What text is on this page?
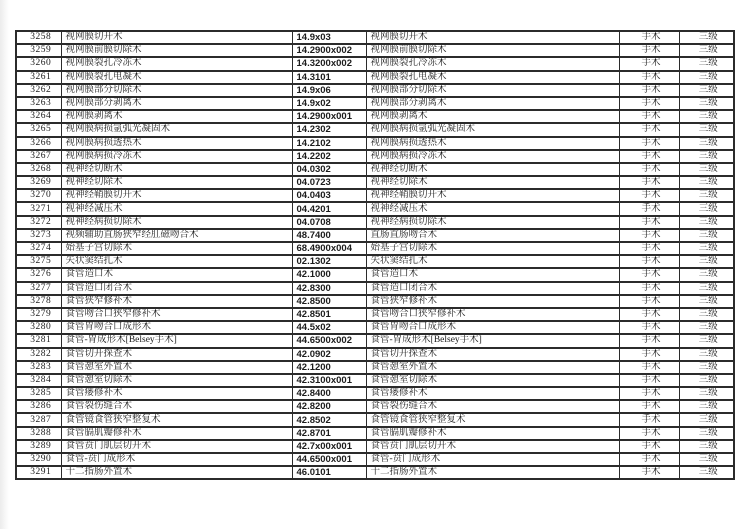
3258	视网膜切开术	14.9x03	视网膜切开术	手术	三级
3259	视网膜前膜切除术	14.2900x002	视网膜前膜切除术	手术	三级
3260	视网膜裂孔冷冻术	14.3200x002	视网膜裂孔冷冻术	手术	三级
3261	视网膜裂孔电凝术	14.3101	视网膜裂孔电凝术	手术	三级
3262	视网膜部分切除术	14.9x06	视网膜部分切除术	手术	三级
3263	视网膜部分剥离术	14.9x02	视网膜部分剥离术	手术	三级
3264	视网膜剥离术	14.2900x001	视网膜剥离术	手术	三级
3265	视网膜病损氩弧光凝固术	14.2302	视网膜病损氩弧光凝固术	手术	三级
3266	视网膜病损透热术	14.2102	视网膜病损透热术	手术	三级
3267	视网膜病损冷冻术	14.2202	视网膜病损冷冻术	手术	三级
3268	视神经切断术	04.0302	视神经切断术	手术	三级
3269	视神经切除术	04.0723	视神经切除术	手术	三级
3270	视神经鞘膜切开术	04.0403	视神经鞘膜切开术	手术	三级
3271	视神经减压术	04.4201	视神经减压术	手术	三级
3272	视神经病损切除术	04.0708	视神经病损切除术	手术	三级
3273	视频辅助直肠狭窄经肛磁吻合术	48.7400	直肠直肠吻合术	手术	三级
3274	始基子宫切除术	68.4900x004	始基子宫切除术	手术	三级
3275	矢状窦结扎术	02.1302	矢状窦结扎术	手术	三级
3276	食管造口术	42.1000	食管造口术	手术	三级
3277	食管造口闭合术	42.8300	食管造口闭合术	手术	三级
3278	食管狭窄修补术	42.8500	食管狭窄修补术	手术	三级
3279	食管吻合口狭窄修补术	42.8501	食管吻合口狭窄修补术	手术	三级
3280	食管胃吻合口成形术	44.5x02	食管胃吻合口成形术	手术	三级
3281	食管-胃成形术[Belsey手术]	44.6500x002	食管-胃成形术[Belsey手术]	手术	三级
3282	食管切开探查术	42.0902	食管切开探查术	手术	三级
3283	食管憩室外置术	42.1200	食管憩室外置术	手术	三级
3284	食管憩室切除术	42.3100x001	食管憩室切除术	手术	三级
3285	食管瘘修补术	42.8400	食管瘘修补术	手术	三级
3286	食管裂伤缝合术	42.8200	食管裂伤缝合术	手术	三级
3287	食管镜食管狭窄整复术	42.8502	食管镜食管狭窄整复术	手术	三级
3288	食管膈肌瓣修补术	42.8701	食管膈肌瓣修补术	手术	三级
3289	食管贲门肌层切开术	42.7x00x001	食管贲门肌层切开术	手术	三级
3290	食管-贲门成形术	44.6500x001	食管-贲门成形术	手术	三级
3291	十二指肠外置术	46.0101	十二指肠外置术	手术	三级
